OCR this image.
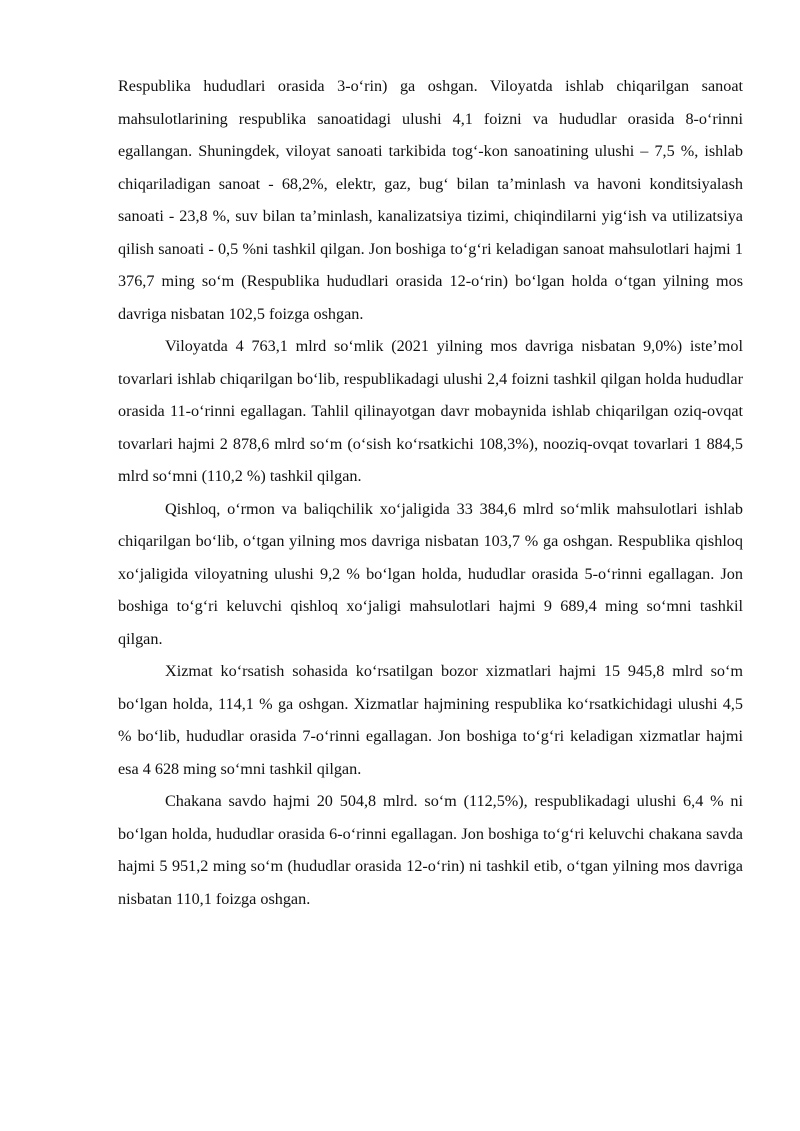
Respublika hududlari orasida 3-o‘rin) ga oshgan. Viloyatda ishlab chiqarilgan sanoat mahsulotlarining respublika sanoatidagi ulushi 4,1 foizni va hududlar orasida 8-o‘rinni egallangan. Shuningdek, viloyat sanoati tarkibida tog‘-kon sanoatining ulushi – 7,5 %, ishlab chiqariladigan sanoat - 68,2%, elektr, gaz, bug‘ bilan ta’minlash va havoni konditsiyalash sanoati - 23,8 %, suv bilan ta’minlash, kanalizatsiya tizimi, chiqindilarni yig‘ish va utilizatsiya qilish sanoati - 0,5 %ni tashkil qilgan. Jon boshiga to‘g‘ri keladigan sanoat mahsulotlari hajmi 1 376,7 ming so‘m (Respublika hududlari orasida 12-o‘rin) bo‘lgan holda o‘tgan yilning mos davriga nisbatan 102,5 foizga oshgan.

Viloyatda 4 763,1 mlrd so‘mlik (2021 yilning mos davriga nisbatan 9,0%) iste’mol tovarlari ishlab chiqarilgan bo‘lib, respublikadagi ulushi 2,4 foizni tashkil qilgan holda hududlar orasida 11-o‘rinni egallagan. Tahlil qilinayotgan davr mobaynida ishlab chiqarilgan oziq-ovqat tovarlari hajmi 2 878,6 mlrd so‘m (o‘sish ko‘rsatkichi 108,3%), nooziq-ovqat tovarlari 1 884,5 mlrd so‘mni (110,2 %) tashkil qilgan.

Qishloq, o‘rmon va baliqchilik xo‘jaligida 33 384,6 mlrd so‘mlik mahsulotlari ishlab chiqarilgan bo‘lib, o‘tgan yilning mos davriga nisbatan 103,7 % ga oshgan. Respublika qishloq xo‘jaligida viloyatning ulushi 9,2 % bo‘lgan holda, hududlar orasida 5-o‘rinni egallagan. Jon boshiga to‘g‘ri keluvchi qishloq xo‘jaligi mahsulotlari hajmi 9 689,4 ming so‘mni tashkil qilgan.

Xizmat ko‘rsatish sohasida ko‘rsatilgan bozor xizmatlari hajmi 15 945,8 mlrd so‘m bo‘lgan holda, 114,1 % ga oshgan. Xizmatlar hajmining respublika ko‘rsatkichidagi ulushi 4,5 % bo‘lib, hududlar orasida 7-o‘rinni egallagan. Jon boshiga to‘g‘ri keladigan xizmatlar hajmi esa 4 628 ming so‘mni tashkil qilgan.

Chakana savdo hajmi 20 504,8 mlrd. so‘m (112,5%), respublikadagi ulushi 6,4 % ni bo‘lgan holda, hududlar orasida 6-o‘rinni egallagan. Jon boshiga to‘g‘ri keluvchi chakana savda hajmi 5 951,2 ming so‘m (hududlar orasida 12-o‘rin) ni tashkil etib, o‘tgan yilning mos davriga nisbatan 110,1 foizga oshgan.
